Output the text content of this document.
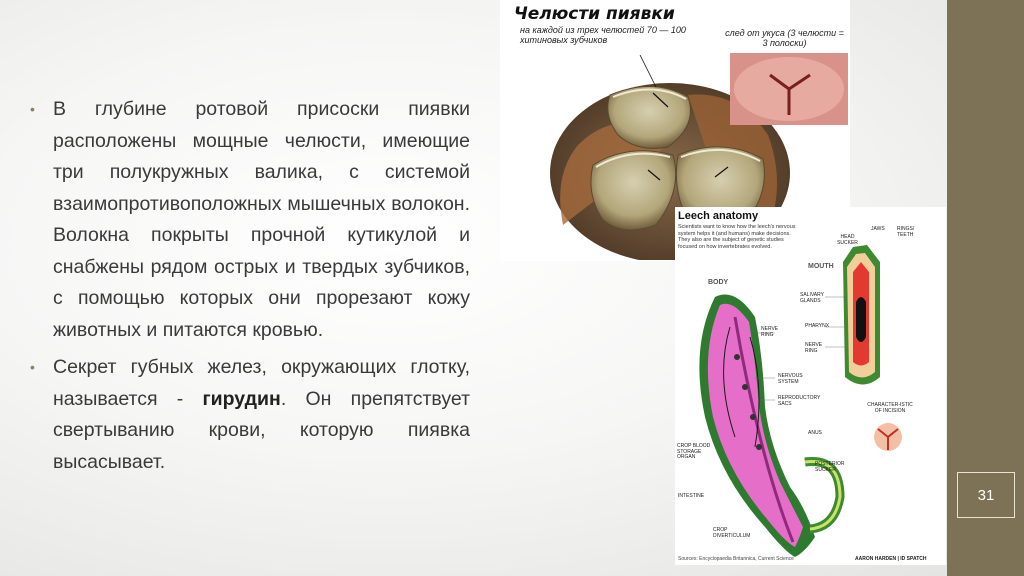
31
• В глубине ротовой присоски пиявки расположены мощные челюсти, имеющие три полукружных валика, с системой взаимопротивоположных мышечных волокон. Волокна покрыты прочной кутикулой и снабжены рядом острых и твердых зубчиков, с помощью которых они прорезают кожу животных и питаются кровью.
• Секрет губных желез, окружающих глотку, называется - гирудин. Он препятствует свертыванию крови, которую пиявка высасывает.
Челюсти пиявки
на каждой из трех челюстей 70 — 100 хитиновых зубчиков
след от укуса (3 челюсти = 3 полоски)
Leech anatomy
Scientists want to know how the leech's nervous system helps it (and humans) make decisions. They also are the subject of genetic studies focused on how invertebrates evolved.
BODY
MOUTH
HEAD SUCKER
JAWS RINGS/ TEETH
SALIVARY GLANDS
PHARYNX
NERVE RING
NERVE RING
NERVOUS SYSTEM
REPRODUCTORY SACS
ANUS
CROP BLOOD STORAGE ORGAN
POSTERIOR SUCKER
INTESTINE
CROP DIVERTICULUM
CHARACTER-ISTIC OF INCISION
Sources: Encyclopaedia Britannica, Current Science	AARON HARDEN | ID SPATCH
